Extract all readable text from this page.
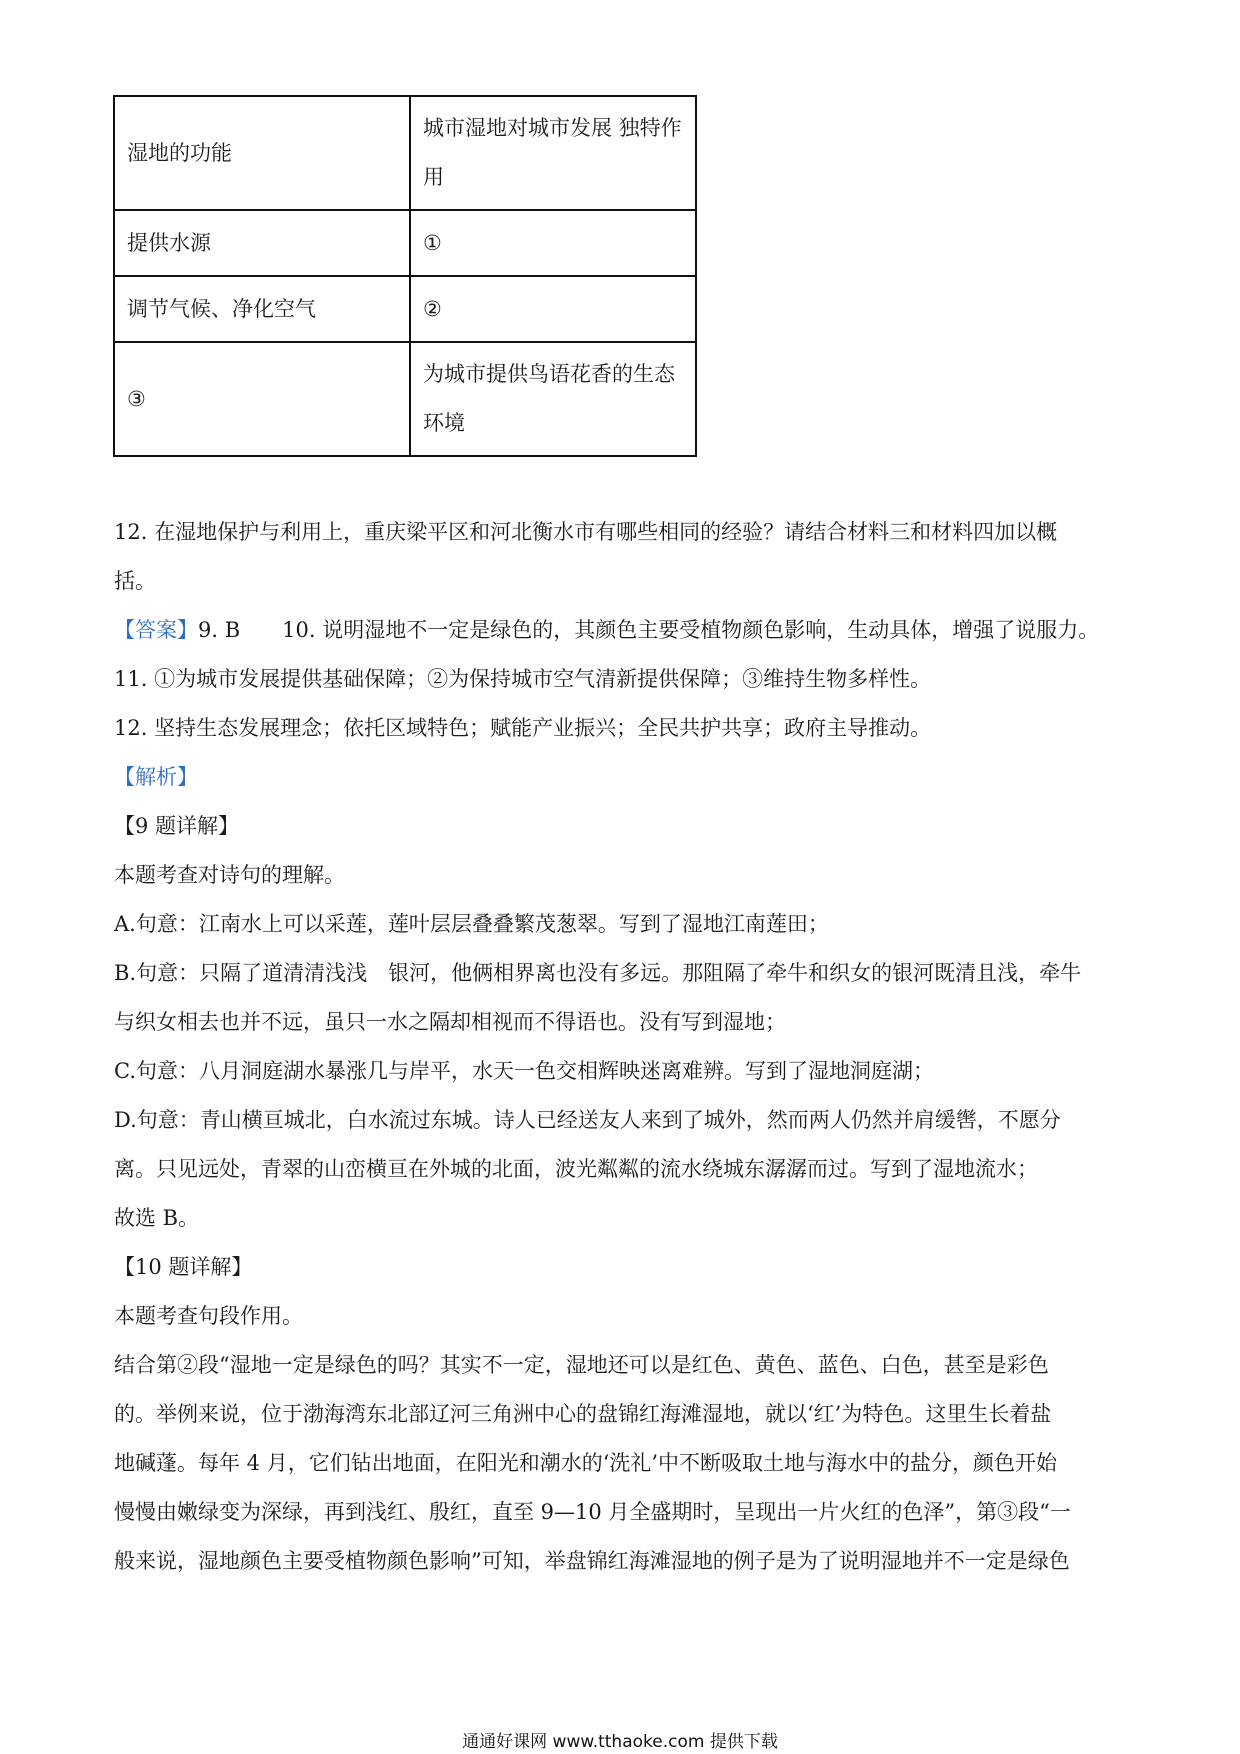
湿地的功能	城市湿地对城市发展 独特作用
提供水源	①
调节气候、净化空气	②
③	为城市提供鸟语花香的生态环境
12. 在湿地保护与利用上，重庆梁平区和河北衡水市有哪些相同的经验？请结合材料三和材料四加以概
括。
【答案】9. B　　10. 说明湿地不一定是绿色的，其颜色主要受植物颜色影响，生动具体，增强了说服力。
11. ①为城市发展提供基础保障；②为保持城市空气清新提供保障；③维持生物多样性。
12. 坚持生态发展理念；依托区域特色；赋能产业振兴；全民共护共享；政府主导推动。
【解析】
【9 题详解】
本题考查对诗句的理解。
A.句意：江南水上可以采莲，莲叶层层叠叠繁茂葱翠。写到了湿地江南莲田；
B.句意：只隔了道清清浅浅　银河，他俩相界离也没有多远。那阻隔了牵牛和织女的银河既清且浅，牵牛
与织女相去也并不远，虽只一水之隔却相视而不得语也。没有写到湿地；
C.句意：八月洞庭湖水暴涨几与岸平，水天一色交相辉映迷离难辨。写到了湿地洞庭湖；
D.句意：青山横亘城北，白水流过东城。诗人已经送友人来到了城外，然而两人仍然并肩缓辔，不愿分
离。只见远处，青翠的山峦横亘在外城的北面，波光粼粼的流水绕城东潺潺而过。写到了湿地流水；
故选 B。
【10 题详解】
本题考查句段作用。
结合第②段“湿地一定是绿色的吗？其实不一定，湿地还可以是红色、黄色、蓝色、白色，甚至是彩色
的。举例来说，位于渤海湾东北部辽河三角洲中心的盘锦红海滩湿地，就以‘红’为特色。这里生长着盐
地碱蓬。每年 4 月，它们钻出地面，在阳光和潮水的‘洗礼’中不断吸取土地与海水中的盐分，颜色开始
慢慢由嫩绿变为深绿，再到浅红、殷红，直至 9—10 月全盛期时，呈现出一片火红的色泽”，第③段“一
般来说，湿地颜色主要受植物颜色影响”可知，举盘锦红海滩湿地的例子是为了说明湿地并不一定是绿色
通通好课网 www.tthaoke.com 提供下载
